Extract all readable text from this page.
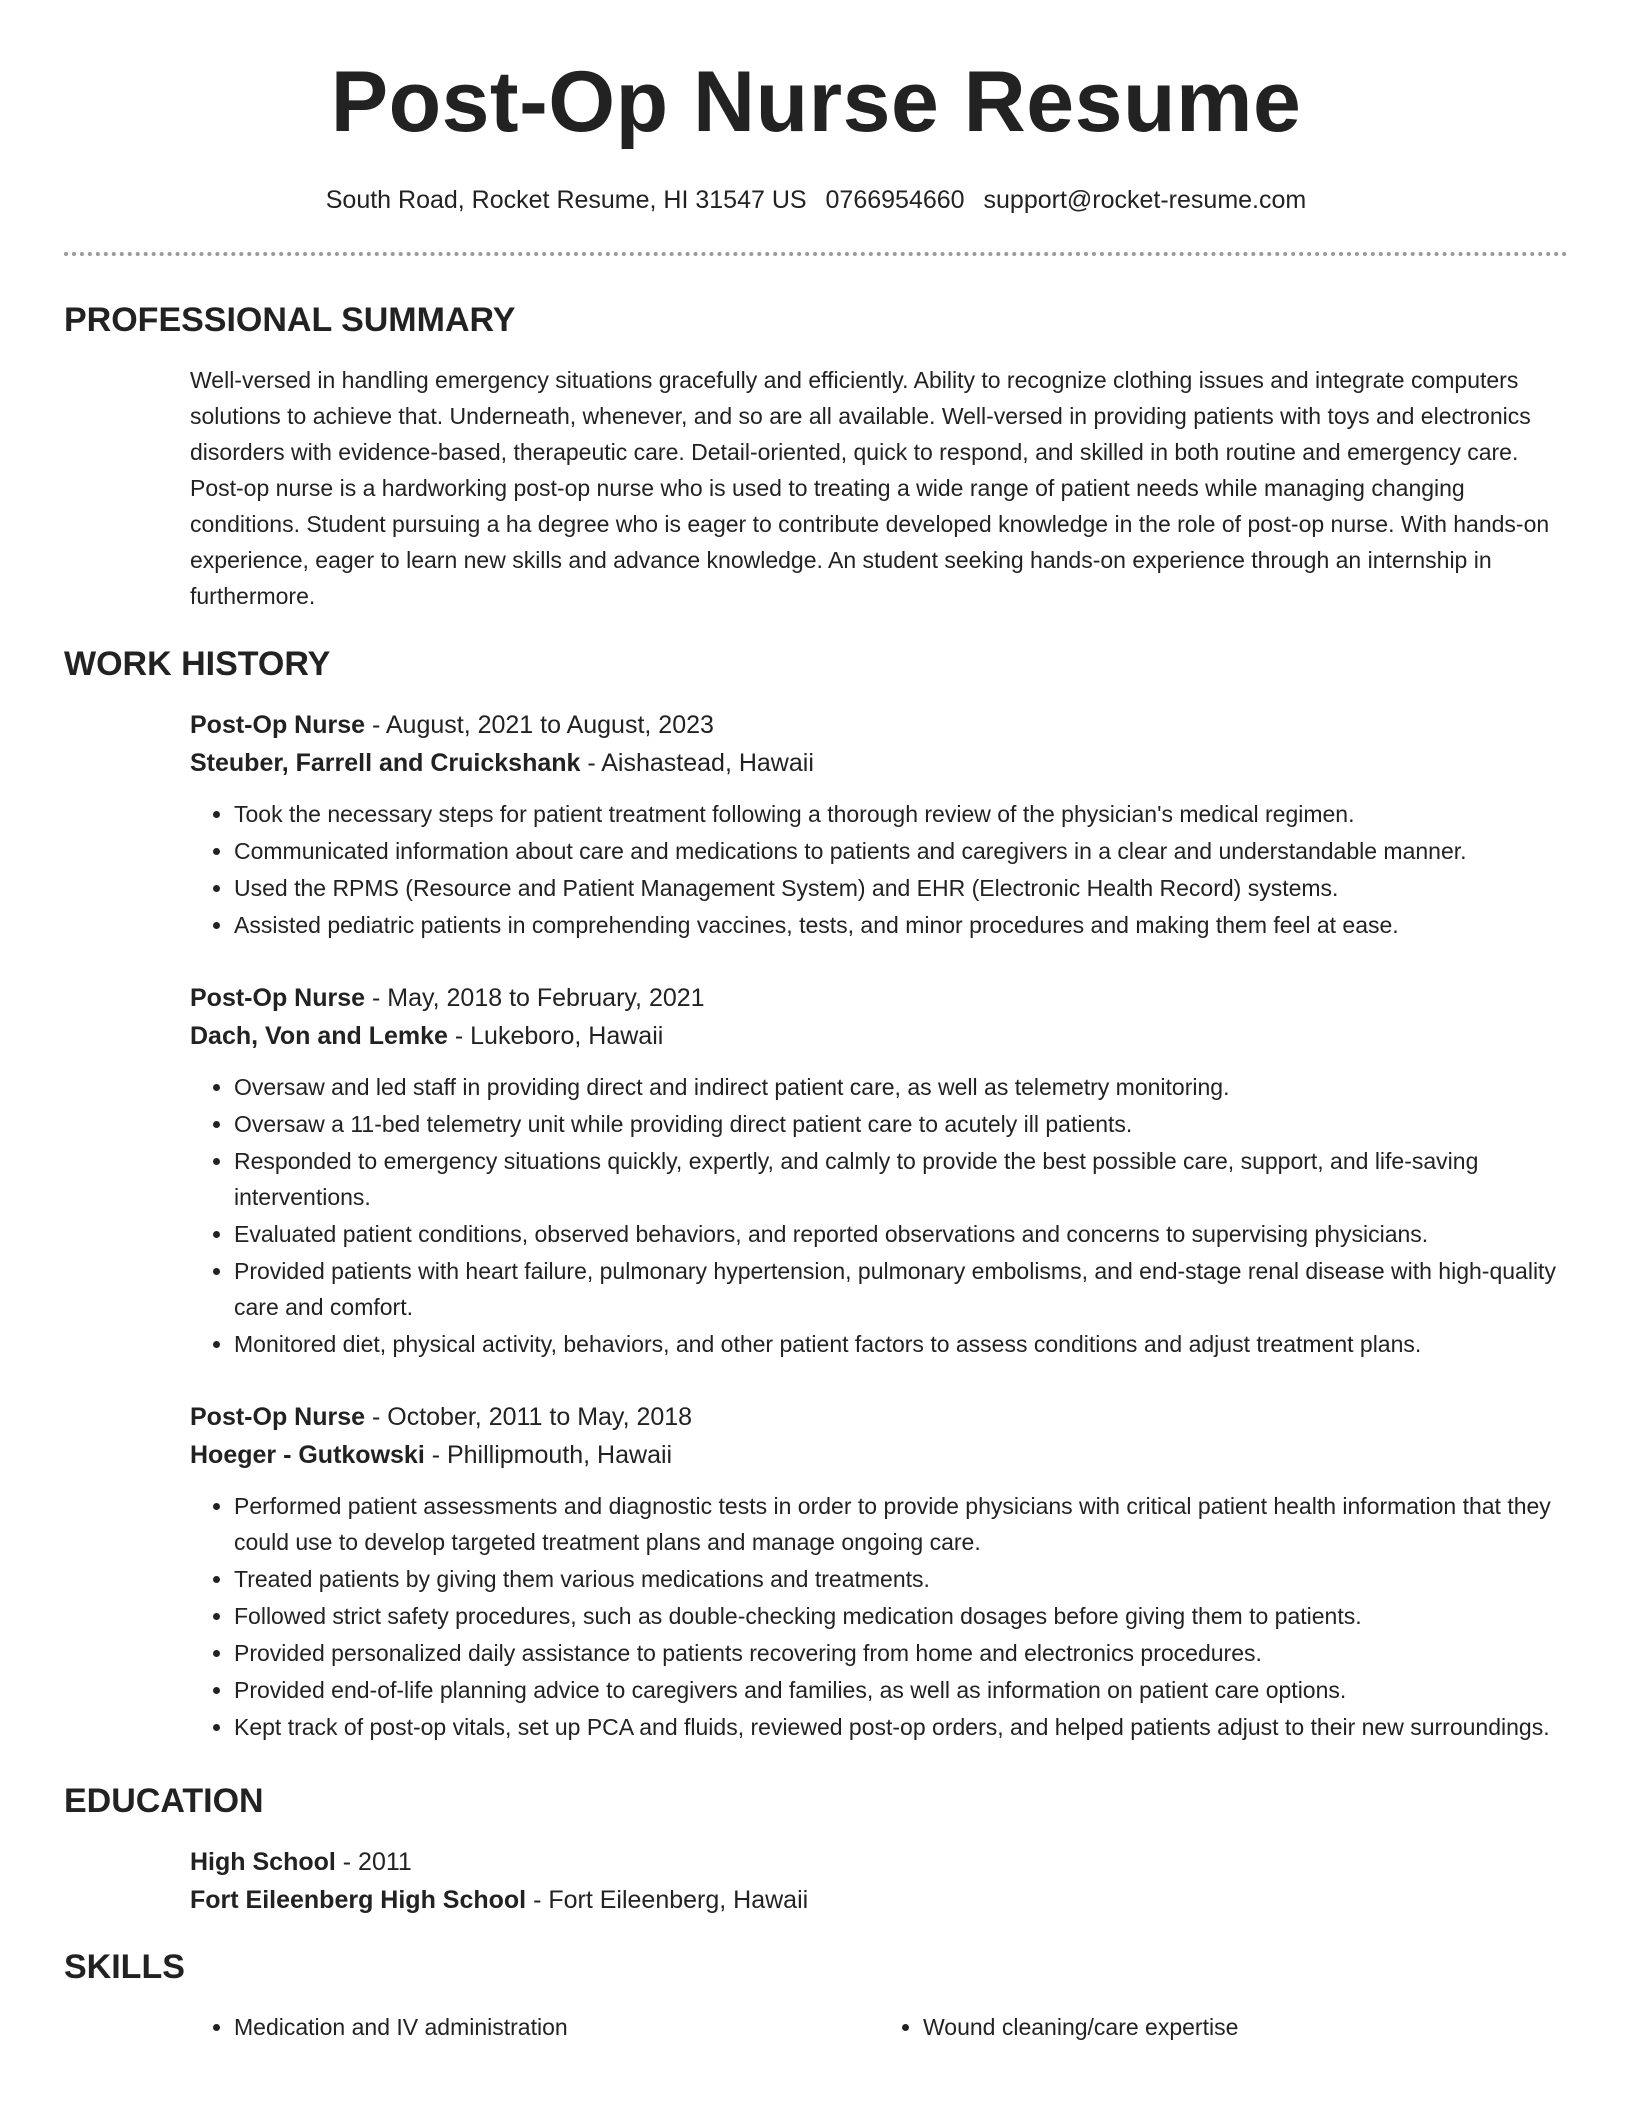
Post-Op Nurse Resume
South Road, Rocket Resume, HI 31547 US 0766954660 support@rocket-resume.com
PROFESSIONAL SUMMARY

Well-versed in handling emergency situations gracefully and efficiently. Ability to recognize clothing issues and integrate computers solutions to achieve that. Underneath, whenever, and so are all available. Well-versed in providing patients with toys and electronics disorders with evidence-based, therapeutic care. Detail-oriented, quick to respond, and skilled in both routine and emergency care. Post-op nurse is a hardworking post-op nurse who is used to treating a wide range of patient needs while managing changing conditions. Student pursuing a ha degree who is eager to contribute developed knowledge in the role of post-op nurse. With hands-on experience, eager to learn new skills and advance knowledge. An student seeking hands-on experience through an internship in furthermore.

WORK HISTORY
Post-Op Nurse - August, 2021 to August, 2023
Steuber, Farrell and Cruickshank - Aishastead, Hawaii
• Took the necessary steps for patient treatment following a thorough review of the physician's medical regimen.
• Communicated information about care and medications to patients and caregivers in a clear and understandable manner.
• Used the RPMS (Resource and Patient Management System) and EHR (Electronic Health Record) systems.
• Assisted pediatric patients in comprehending vaccines, tests, and minor procedures and making them feel at ease.
Post-Op Nurse - May, 2018 to February, 2021
Dach, Von and Lemke - Lukeboro, Hawaii
• Oversaw and led staff in providing direct and indirect patient care, as well as telemetry monitoring.
• Oversaw a 11-bed telemetry unit while providing direct patient care to acutely ill patients.
• Responded to emergency situations quickly, expertly, and calmly to provide the best possible care, support, and life-saving interventions.
• Evaluated patient conditions, observed behaviors, and reported observations and concerns to supervising physicians.
• Provided patients with heart failure, pulmonary hypertension, pulmonary embolisms, and end-stage renal disease with high-quality care and comfort.
• Monitored diet, physical activity, behaviors, and other patient factors to assess conditions and adjust treatment plans.
Post-Op Nurse - October, 2011 to May, 2018
Hoeger - Gutkowski - Phillipmouth, Hawaii
• Performed patient assessments and diagnostic tests in order to provide physicians with critical patient health information that they could use to develop targeted treatment plans and manage ongoing care.
• Treated patients by giving them various medications and treatments.
• Followed strict safety procedures, such as double-checking medication dosages before giving them to patients.
• Provided personalized daily assistance to patients recovering from home and electronics procedures.
• Provided end-of-life planning advice to caregivers and families, as well as information on patient care options.
• Kept track of post-op vitals, set up PCA and fluids, reviewed post-op orders, and helped patients adjust to their new surroundings.
EDUCATION
High School - 2011
Fort Eileenberg High School - Fort Eileenberg, Hawaii
SKILLS
• Medication and IV administration
•	Wound cleaning/care expertise
